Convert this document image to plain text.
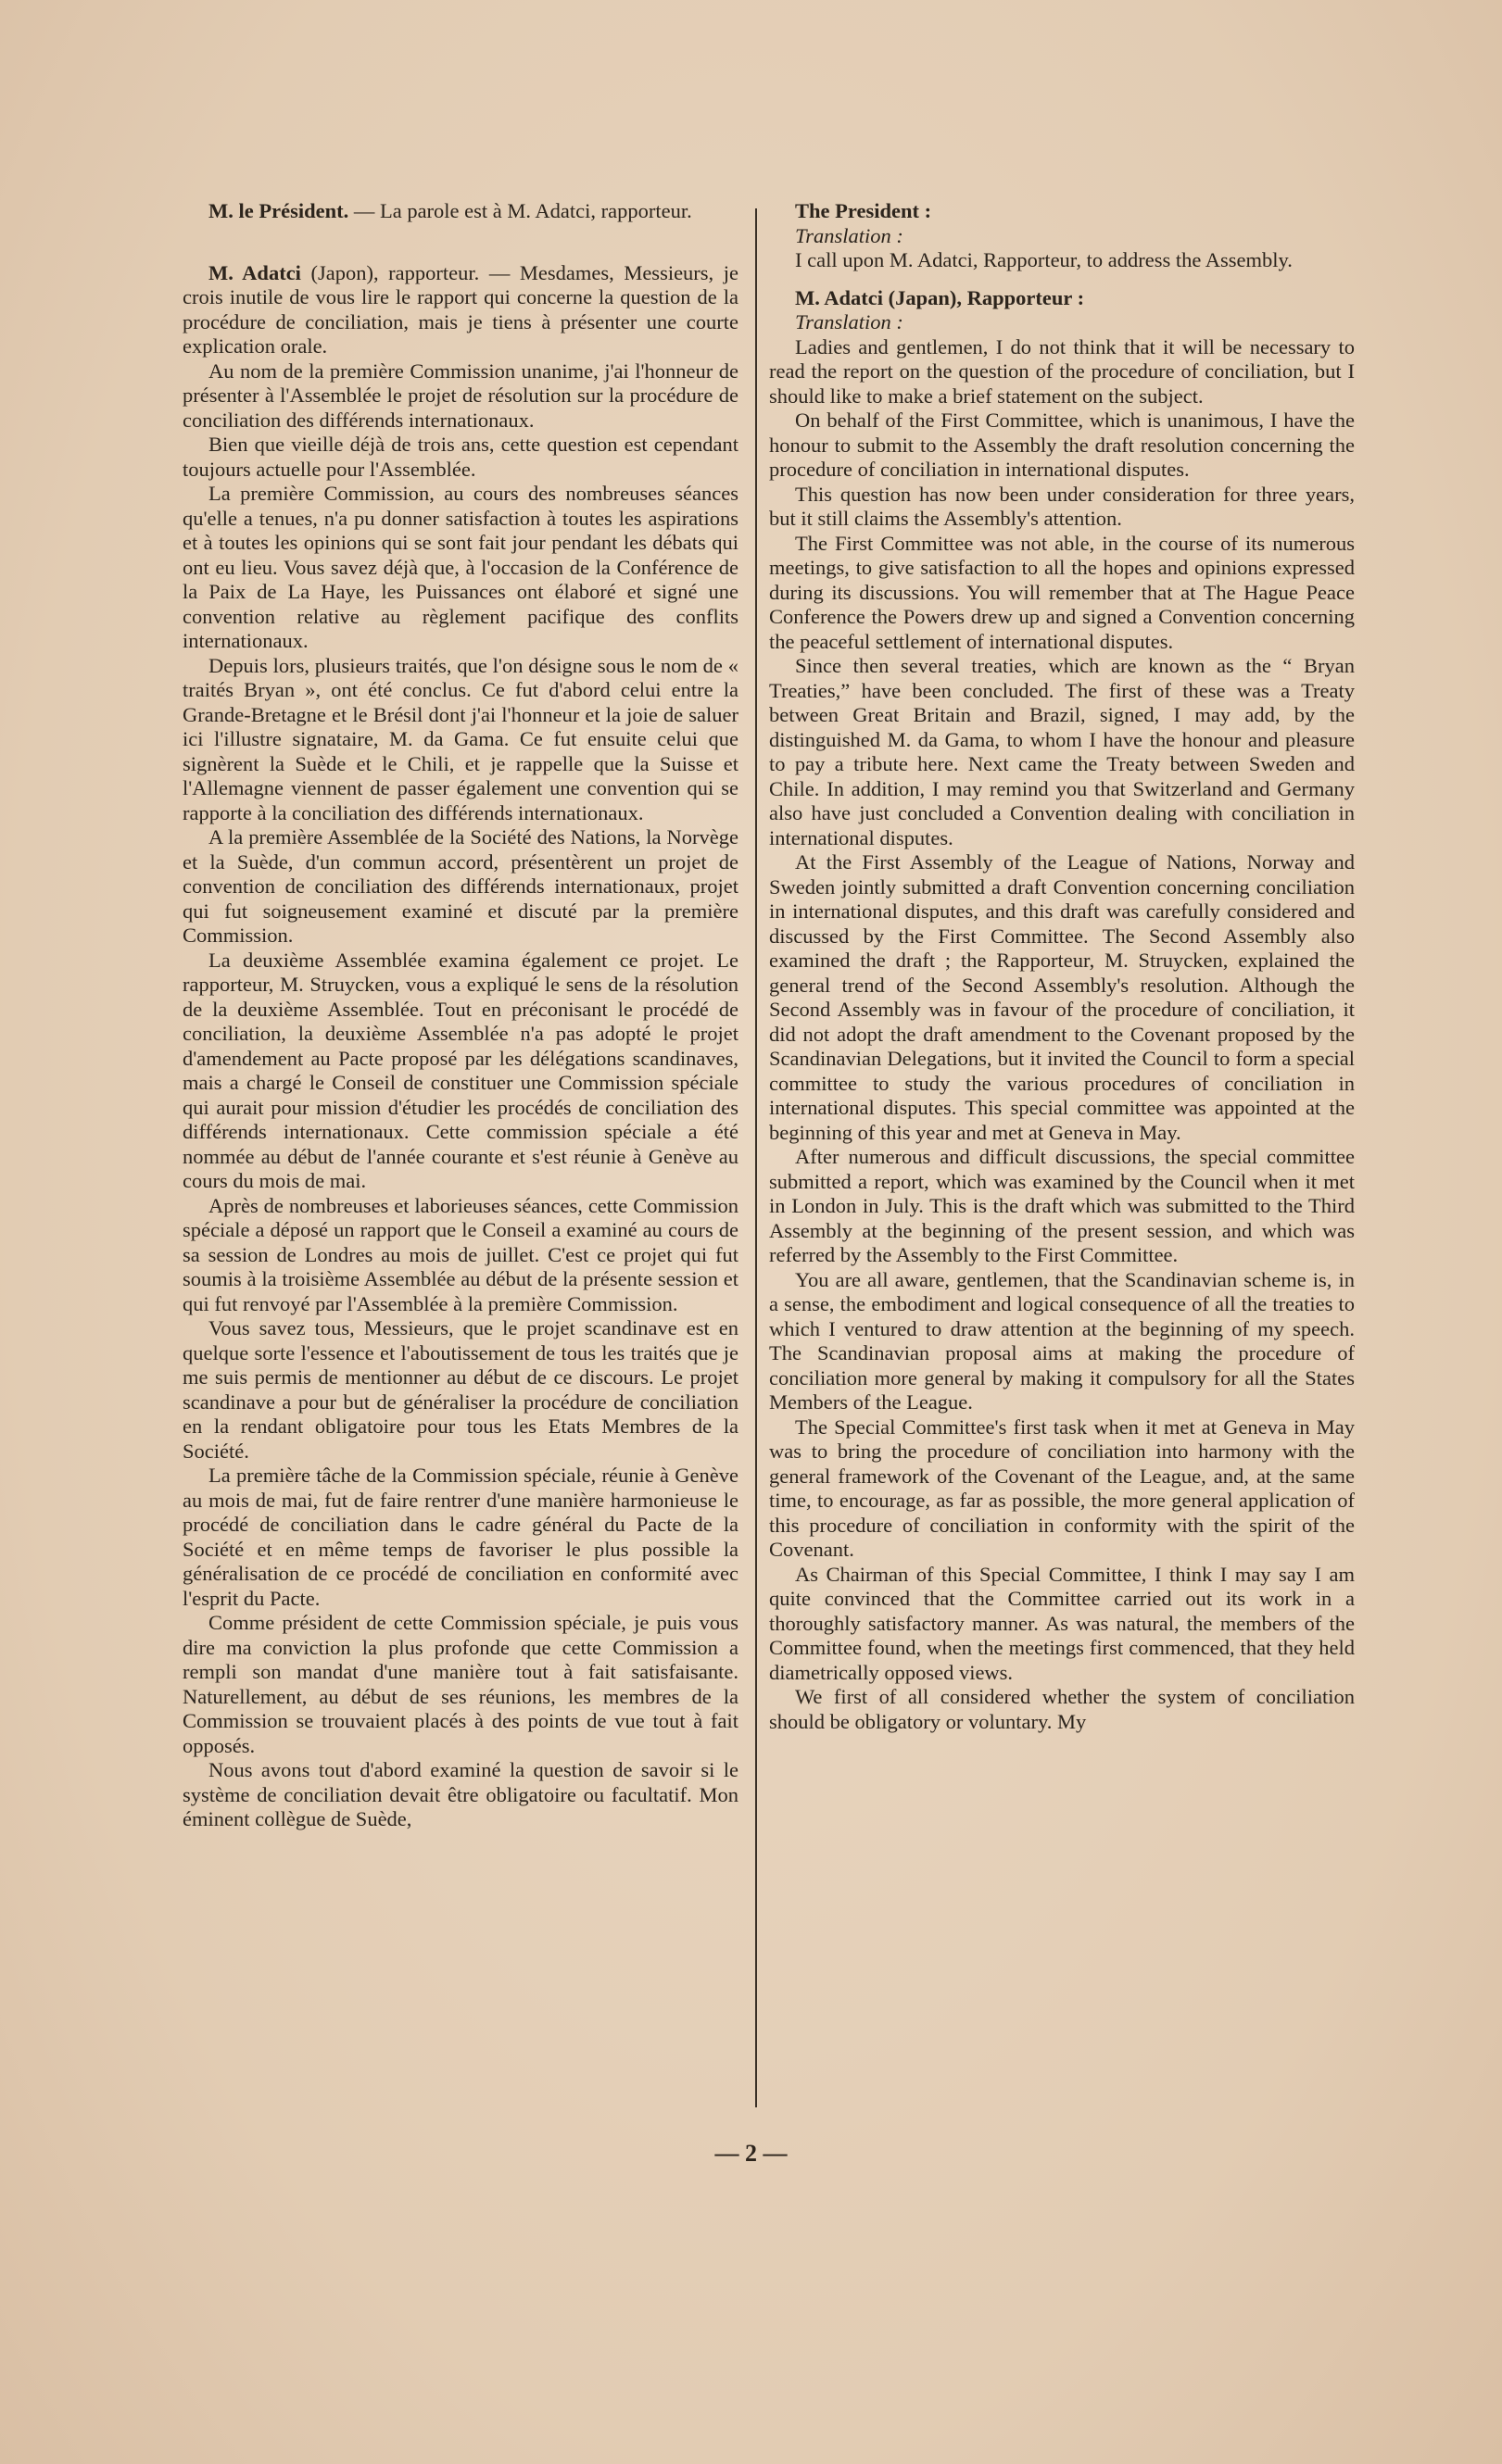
M. le Président. — La parole est à M. Adatci, rapporteur.

M. Adatci (Japon), rapporteur. — Mesdames, Messieurs, je crois inutile de vous lire le rapport qui concerne la question de la procédure de conciliation, mais je tiens à présenter une courte explication orale.

Au nom de la première Commission unanime, j'ai l'honneur de présenter à l'Assemblée le projet de résolution sur la procédure de conciliation des différends internationaux.

Bien que vieille déjà de trois ans, cette question est cependant toujours actuelle pour l'Assemblée.

La première Commission, au cours des nombreuses séances qu'elle a tenues, n'a pu donner satisfaction à toutes les aspirations et à toutes les opinions qui se sont fait jour pendant les débats qui ont eu lieu. Vous savez déjà que, à l'occasion de la Conférence de la Paix de La Haye, les Puissances ont élaboré et signé une convention relative au règlement pacifique des conflits internationaux.

Depuis lors, plusieurs traités, que l'on désigne sous le nom de « traités Bryan », ont été conclus. Ce fut d'abord celui entre la Grande-Bretagne et le Brésil dont j'ai l'honneur et la joie de saluer ici l'illustre signataire, M. da Gama. Ce fut ensuite celui que signèrent la Suède et le Chili, et je rappelle que la Suisse et l'Allemagne viennent de passer également une convention qui se rapporte à la conciliation des différends internationaux.

A la première Assemblée de la Société des Nations, la Norvège et la Suède, d'un commun accord, présentèrent un projet de convention de conciliation des différends internationaux, projet qui fut soigneusement examiné et discuté par la première Commission.

La deuxième Assemblée examina également ce projet. Le rapporteur, M. Struycken, vous a expliqué le sens de la résolution de la deuxième Assemblée. Tout en préconisant le procédé de conciliation, la deuxième Assemblée n'a pas adopté le projet d'amendement au Pacte proposé par les délégations scandinaves, mais a chargé le Conseil de constituer une Commission spéciale qui aurait pour mission d'étudier les procédés de conciliation des différends internationaux. Cette commission spéciale a été nommée au début de l'année courante et s'est réunie à Genève au cours du mois de mai.

Après de nombreuses et laborieuses séances, cette Commission spéciale a déposé un rapport que le Conseil a examiné au cours de sa session de Londres au mois de juillet. C'est ce projet qui fut soumis à la troisième Assemblée au début de la présente session et qui fut renvoyé par l'Assemblée à la première Commission.

Vous savez tous, Messieurs, que le projet scandinave est en quelque sorte l'essence et l'aboutissement de tous les traités que je me suis permis de mentionner au début de ce discours. Le projet scandinave a pour but de généraliser la procédure de conciliation en la rendant obligatoire pour tous les Etats Membres de la Société.

La première tâche de la Commission spéciale, réunie à Genève au mois de mai, fut de faire rentrer d'une manière harmonieuse le procédé de conciliation dans le cadre général du Pacte de la Société et en même temps de favoriser le plus possible la généralisation de ce procédé de conciliation en conformité avec l'esprit du Pacte.

Comme président de cette Commission spéciale, je puis vous dire ma conviction la plus profonde que cette Commission a rempli son mandat d'une manière tout à fait satisfaisante. Naturellement, au début de ses réunions, les membres de la Commission se trouvaient placés à des points de vue tout à fait opposés.

Nous avons tout d'abord examiné la question de savoir si le système de conciliation devait être obligatoire ou facultatif. Mon éminent collègue de Suède,

The President :

Translation :

I call upon M. Adatci, Rapporteur, to address the Assembly.

M. Adatci (Japan), Rapporteur :

Translation :

Ladies and gentlemen, I do not think that it will be necessary to read the report on the question of the procedure of conciliation, but I should like to make a brief statement on the subject.

On behalf of the First Committee, which is unanimous, I have the honour to submit to the Assembly the draft resolution concerning the procedure of conciliation in international disputes.

This question has now been under consideration for three years, but it still claims the Assembly's attention.

The First Committee was not able, in the course of its numerous meetings, to give satisfaction to all the hopes and opinions expressed during its discussions. You will remember that at The Hague Peace Conference the Powers drew up and signed a Convention concerning the peaceful settlement of international disputes.

Since then several treaties, which are known as the “ Bryan Treaties,” have been concluded. The first of these was a Treaty between Great Britain and Brazil, signed, I may add, by the distinguished M. da Gama, to whom I have the honour and pleasure to pay a tribute here. Next came the Treaty between Sweden and Chile. In addition, I may remind you that Switzerland and Germany also have just concluded a Convention dealing with conciliation in international disputes.

At the First Assembly of the League of Nations, Norway and Sweden jointly submitted a draft Convention concerning conciliation in international disputes, and this draft was carefully considered and discussed by the First Committee. The Second Assembly also examined the draft ; the Rapporteur, M. Struycken, explained the general trend of the Second Assembly's resolution. Although the Second Assembly was in favour of the procedure of conciliation, it did not adopt the draft amendment to the Covenant proposed by the Scandinavian Delegations, but it invited the Council to form a special committee to study the various procedures of conciliation in international disputes. This special committee was appointed at the beginning of this year and met at Geneva in May.

After numerous and difficult discussions, the special committee submitted a report, which was examined by the Council when it met in London in July. This is the draft which was submitted to the Third Assembly at the beginning of the present session, and which was referred by the Assembly to the First Committee.

You are all aware, gentlemen, that the Scandinavian scheme is, in a sense, the embodiment and logical consequence of all the treaties to which I ventured to draw attention at the beginning of my speech. The Scandinavian proposal aims at making the procedure of conciliation more general by making it compulsory for all the States Members of the League.

The Special Committee's first task when it met at Geneva in May was to bring the procedure of conciliation into harmony with the general framework of the Covenant of the League, and, at the same time, to encourage, as far as possible, the more general application of this procedure of conciliation in conformity with the spirit of the Covenant.

As Chairman of this Special Committee, I think I may say I am quite convinced that the Committee carried out its work in a thoroughly satisfactory manner. As was natural, the members of the Committee found, when the meetings first commenced, that they held diametrically opposed views.

We first of all considered whether the system of conciliation should be obligatory or voluntary. My

— 2 —
